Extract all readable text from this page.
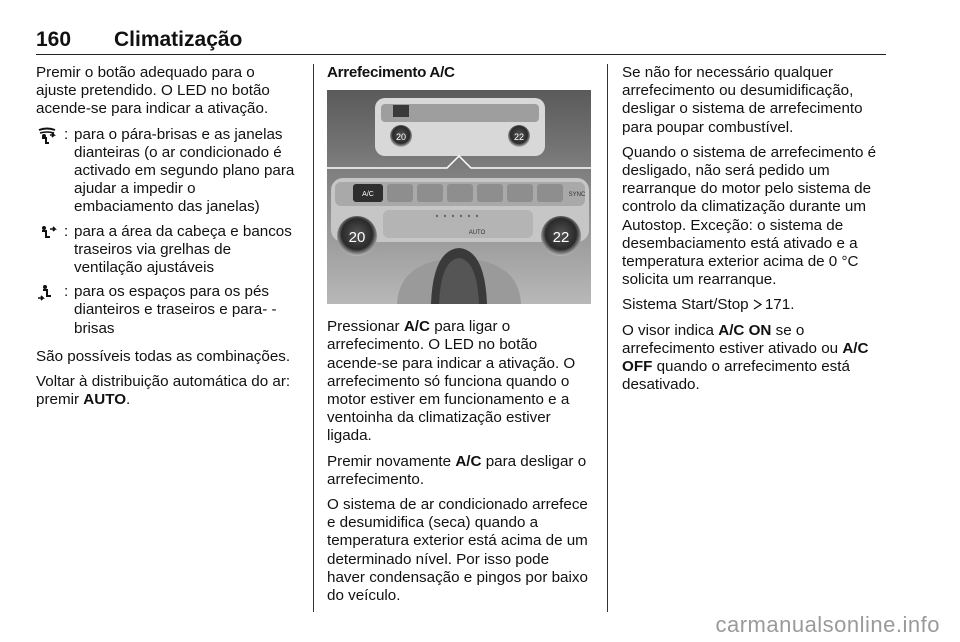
160 Climatização

Premir o botão adequado para o ajuste pretendido. O LED no botão acende-se para indicar a ativação.

: para o pára-brisas e as janelas dianteiras (o ar condicionado é activado em segundo plano para ajudar a impedir o embaciamento das janelas)
: para a área da cabeça e bancos traseiros via grelhas de ventilação ajustáveis
: para os espaços para os pés dianteiros e traseiros e para- -brisas

São possíveis todas as combinações.

Voltar à distribuição automática do ar: premir AUTO.

Arrefecimento A/C
20	22
A/C	SYNC
AUTO
20	22

Pressionar A/C para ligar o arrefecimento. O LED no botão acende-se para indicar a ativação. O arrefecimento só funciona quando o motor estiver em funcionamento e a ventoinha da climatização estiver ligada.

Premir novamente A/C para desligar o arrefecimento.

O sistema de ar condicionado arrefece e desumidifica (seca) quando a temperatura exterior está acima de um determinado nível. Por isso pode haver condensação e pingos por baixo do veículo.

Se não for necessário qualquer arrefecimento ou desumidificação, desligar o sistema de arrefecimento para poupar combustível.

Quando o sistema de arrefecimento é desligado, não será pedido um rearranque do motor pelo sistema de controlo da climatização durante um Autostop. Exceção: o sistema de desembaciamento está ativado e a temperatura exterior acima de 0 °C solicita um rearranque.

Sistema Start/Stop 171.

O visor indica A/C ON se o arrefecimento estiver ativado ou A/C OFF quando o arrefecimento está desativado.

carmanualsonline.info
